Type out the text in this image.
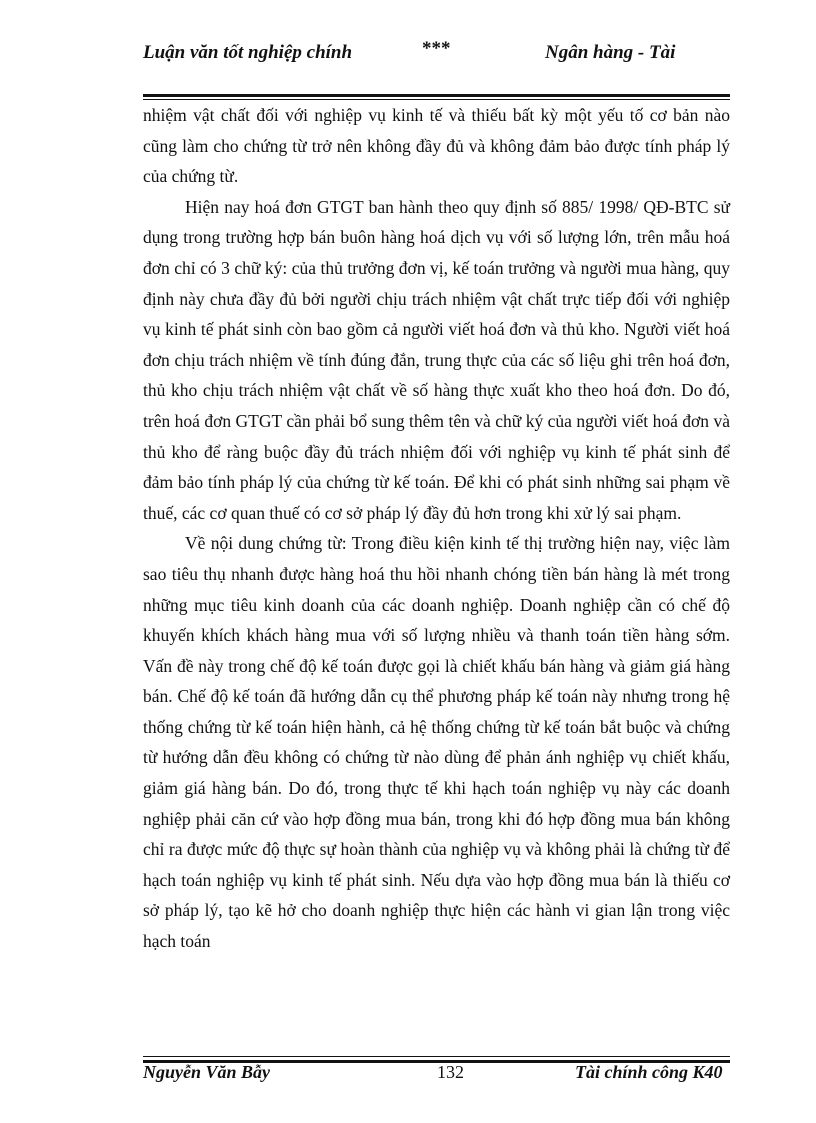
Luận văn tốt nghiệp chính	***	Ngân hàng - Tài

nhiệm vật chất đối với nghiệp vụ kinh tế và thiếu bất kỳ một yếu tố cơ bản nào cũng làm cho chứng từ trở nên không đầy đủ và không đảm bảo được tính pháp lý của chứng từ.

Hiện nay hoá đơn GTGT ban hành theo quy định số 885/ 1998/ QĐ-BTC sử dụng trong trường hợp bán buôn hàng hoá dịch vụ với số lượng lớn, trên mẫu hoá đơn chỉ có 3 chữ ký: của thủ trưởng đơn vị, kế toán trưởng và người mua hàng, quy định này chưa đầy đủ bởi người chịu trách nhiệm vật chất trực tiếp đối với nghiệp vụ kinh tế phát sinh còn bao gồm cả người viết hoá đơn và thủ kho. Người viết hoá đơn chịu trách nhiệm về tính đúng đắn, trung thực của các số liệu ghi trên hoá đơn, thủ kho chịu trách nhiệm vật chất về số hàng thực xuất kho theo hoá đơn. Do đó, trên hoá đơn GTGT cần phải bổ sung thêm tên và chữ ký của người viết hoá đơn và thủ kho để ràng buộc đầy đủ trách nhiệm đối với nghiệp vụ kinh tế phát sinh để đảm bảo tính pháp lý của chứng từ kế toán. Để khi có phát sinh những sai phạm về thuế, các cơ quan thuế có cơ sở pháp lý đầy đủ hơn trong khi xử lý sai phạm.

Về nội dung chứng từ: Trong điều kiện kinh tế thị trường hiện nay, việc làm sao tiêu thụ nhanh được hàng hoá thu hồi nhanh chóng tiền bán hàng là mét trong những mục tiêu kinh doanh của các doanh nghiệp. Doanh nghiệp cần có chế độ khuyến khích khách hàng mua với số lượng nhiều và thanh toán tiền hàng sớm. Vấn đề này trong chế độ kế toán được gọi là chiết khấu bán hàng và giảm giá hàng bán. Chế độ kế toán đã hướng dẫn cụ thể phương pháp kế toán này nhưng trong hệ thống chứng từ kế toán hiện hành, cả hệ thống chứng từ kế toán bắt buộc và chứng từ hướng dẫn đều không có chứng từ nào dùng để phản ánh nghiệp vụ chiết khấu, giảm giá hàng bán. Do đó, trong thực tế khi hạch toán nghiệp vụ này các doanh nghiệp phải căn cứ vào hợp đồng mua bán, trong khi đó hợp đồng mua bán không chỉ ra được mức độ thực sự hoàn thành của nghiệp vụ và không phải là chứng từ để hạch toán nghiệp vụ kinh tế phát sinh. Nếu dựa vào hợp đồng mua bán là thiếu cơ sở pháp lý, tạo kẽ hở cho doanh nghiệp thực hiện các hành vi gian lận trong việc hạch toán

Nguyễn Văn Bẫy	132	Tài chính công K40
